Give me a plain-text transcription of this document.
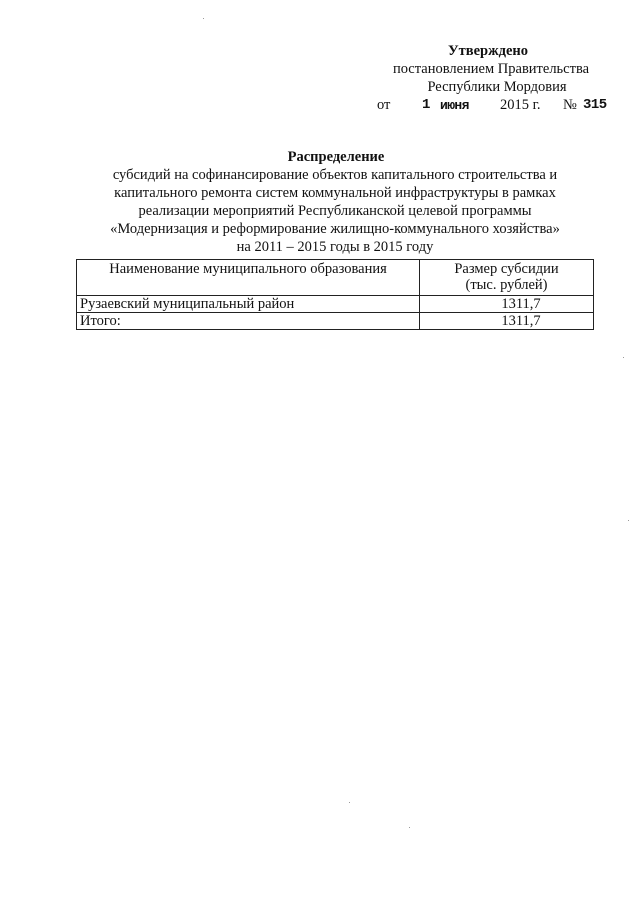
Утверждено
постановлением Правительства
Республики Мордовия
от 1 июня 2015 г. № 315
Распределение
субсидий на софинансирование объектов капитального строительства и
капитального ремонта систем коммунальной инфраструктуры в рамках
реализации мероприятий Республиканской целевой программы
«Модернизация и реформирование жилищно-коммунального хозяйства»
на 2011 – 2015 годы в 2015 году
Наименование муниципального образования	Размер субсидии
(тыс. рублей)

Рузаевский муниципальный район	1311,7
Итого:	1311,7
